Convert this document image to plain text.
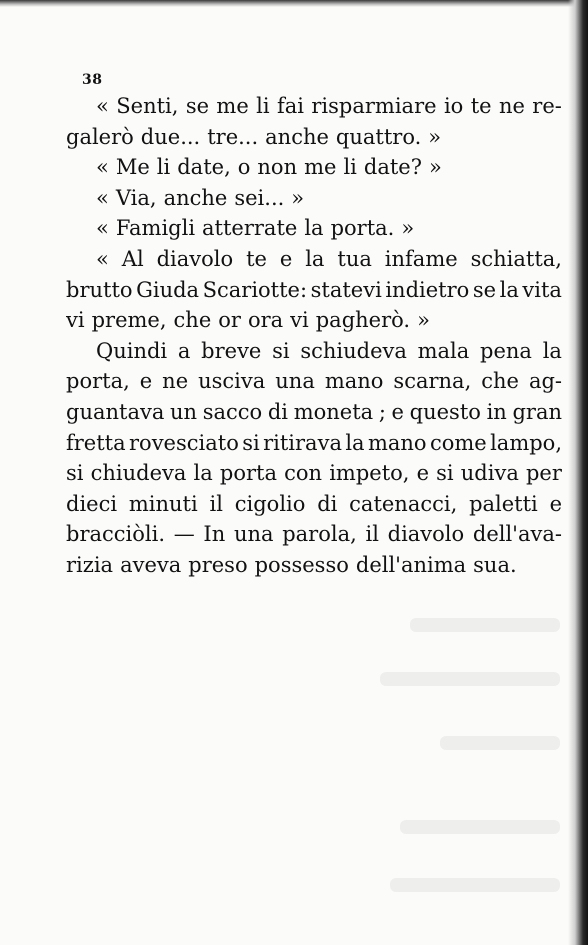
38
« Senti, se me li fai risparmiare io te ne re-
galerò due... tre... anche quattro. »
« Me li date, o non me li date? »
« Via, anche sei... »
« Famigli atterrate la porta. »
« Al diavolo te e la tua infame schiatta,
brutto Giuda Scariotte: statevi indietro se la vita
vi preme, che or ora vi pagherò. »
Quindi a breve si schiudeva mala pena la
porta, e ne usciva una mano scarna, che ag-
guantava un sacco di moneta ; e questo in gran
fretta rovesciato si ritirava la mano come lampo,
si chiudeva la porta con impeto, e si udiva per
dieci minuti il cigolio di catenacci, paletti e
bracciòli. — In una parola, il diavolo dell'ava-
rizia aveva preso possesso dell'anima sua.
